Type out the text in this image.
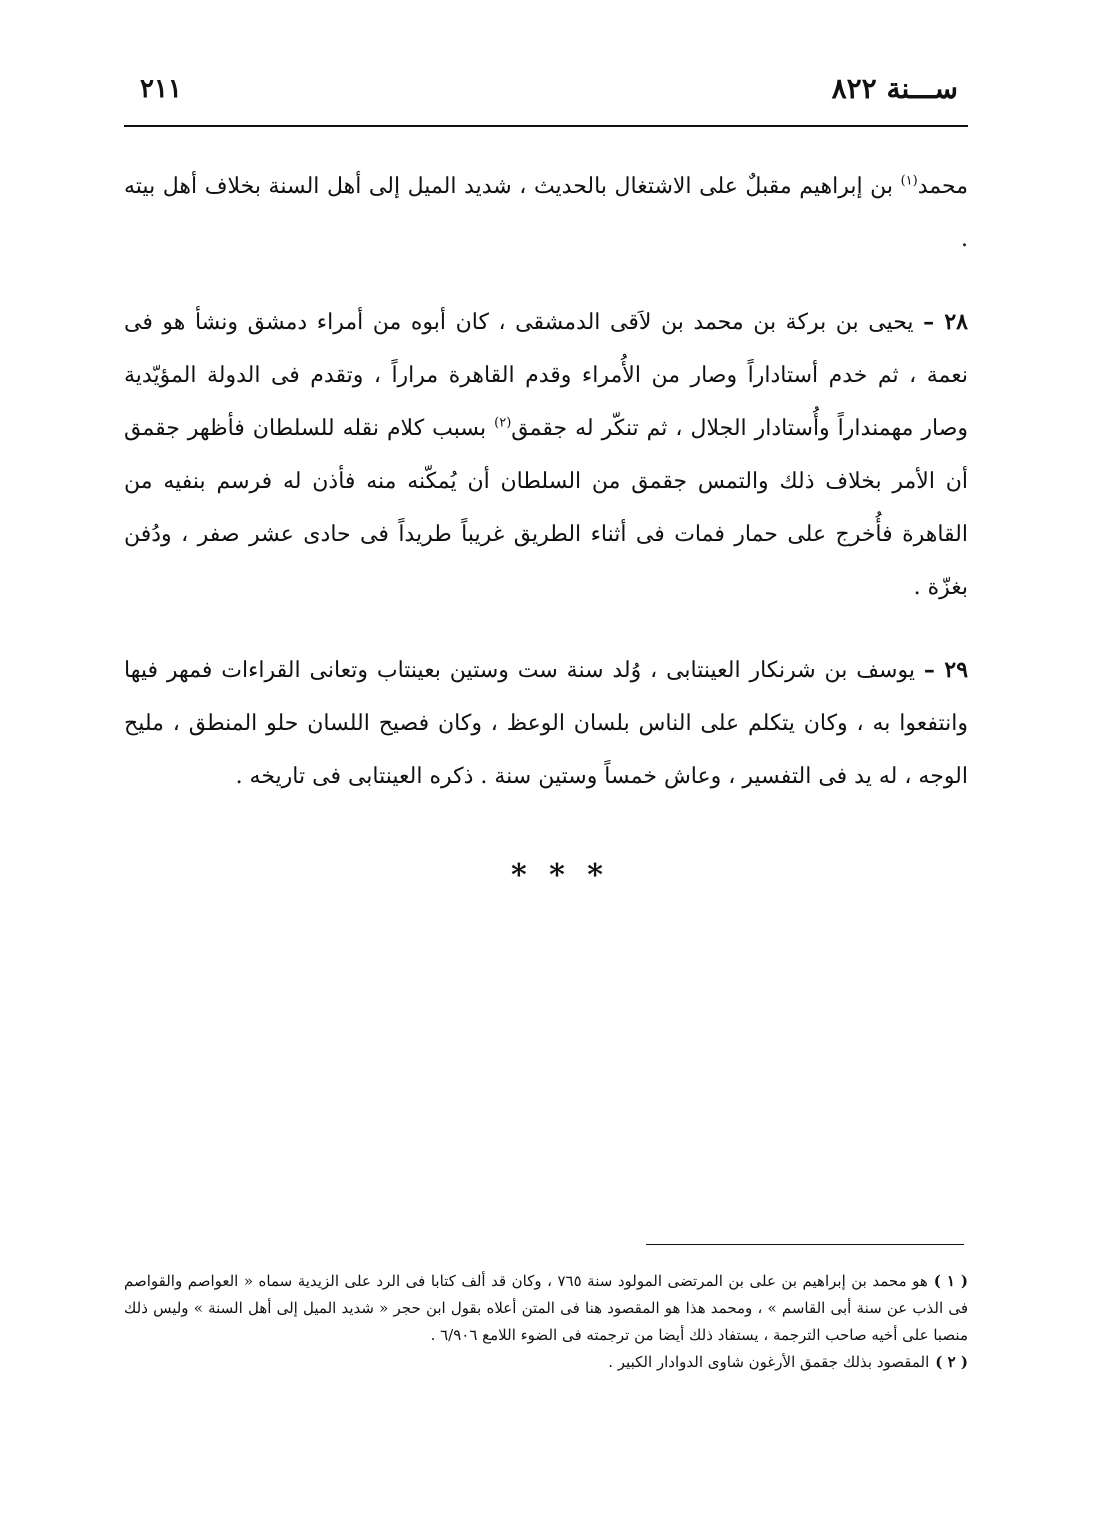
٢١١	ســـنة ٨٢٢

محمد$^{(١)}$ بن إبراهيم مقبلٌ على الاشتغال بالحديث ، شديد الميل إلى أهل السنة بخلاف أهل بيته .

٢٨ – يحيى بن بركة بن محمد بن لاَقى الدمشقى ، كان أبوه من أمراء دمشق ونشأ هو فى نعمة ، ثم خدم أستاداراً وصار من الأُمراء وقدم القاهرة مراراً ، وتقدم فى الدولة المؤيّدية وصار مهمنداراً وأُستادار الجلال ، ثم تنكّر له جقمق$^{(٢)}$ بسبب كلام نقله للسلطان فأظهر جقمق أن الأمر بخلاف ذلك والتمس جقمق من السلطان أن يُمكّنه منه فأذن له فرسم بنفيه من القاهرة فأُخرج على حمار فمات فى أثناء الطريق غريباً طريداً فى حادى عشر صفر ، ودُفن بغزّة .

٢٩ – يوسف بن شرنكار العينتابى ، وُلد سنة ست وستين بعينتاب وتعانى القراءات فمهر فيها وانتفعوا به ، وكان يتكلم على الناس بلسان الوعظ ، وكان فصيح اللسان حلو المنطق ، مليح الوجه ، له يد فى التفسير ، وعاش خمساً وستين سنة . ذكره العينتابى فى تاريخه .

* * *

( ١ )هو محمد بن إبراهيم بن على بن المرتضى المولود سنة ٧٦٥ ، وكان قد ألف كتابا فى الرد على الزيدية سماه « العواصم والقواصم فى الذب عن سنة أبى القاسم » ، ومحمد هذا هو المقصود هنا فى المتن أعلاه بقول ابن حجر « شديد الميل إلى أهل السنة » وليس ذلك منصبا على أخيه صاحب الترجمة ، يستفاد ذلك أيضا من ترجمته فى الضوء اللامع ٦/٩٠٦ .

( ٢ )المقصود بذلك جقمق الأرغون شاوى الدوادار الكبير .
